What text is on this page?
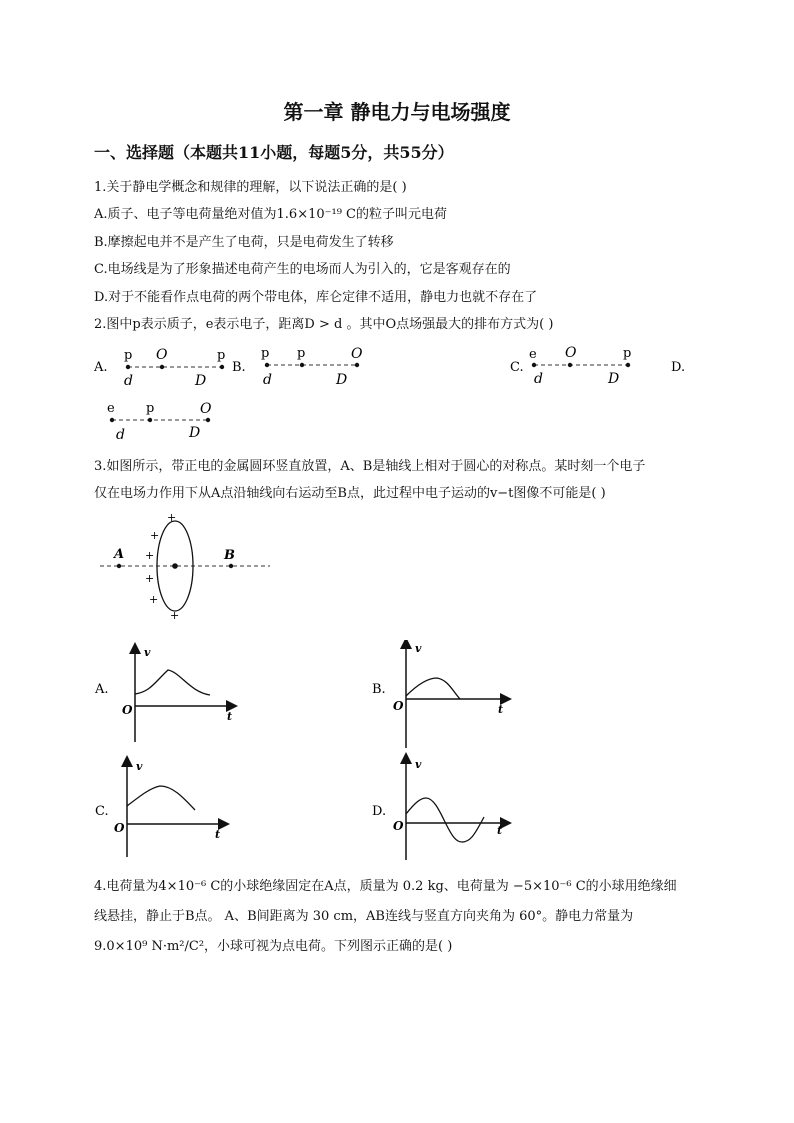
第一章 静电力与电场强度
一、选择题（本题共11小题，每题5分，共55分）
1.关于静电学概念和规律的理解，以下说法正确的是( )
A.质子、电子等电荷量绝对值为1.6×10⁻¹⁹ C的粒子叫元电荷
B.摩擦起电并不是产生了电荷，只是电荷发生了转移
C.电场线是为了形象描述电荷产生的电场而人为引入的，它是客观存在的
D.对于不能看作点电荷的两个带电体，库仑定律不适用，静电力也就不存在了
2.图中p表示质子，e表示电子，距离D > d 。其中O点场强最大的排布方式为( )
A.
p O	p
d	D
B.
p p	O
d	D
C.
e O	p
d	D
D.
e p	O
d	D
3.如图所示，带正电的金属圆环竖直放置，A、B是轴线上相对于圆心的对称点。某时刻一个电子
仅在电场力作用下从A点沿轴线向右运动至B点，此过程中电子运动的v−t图像不可能是( )
A	B
+
+
+
+
+
+
A.
v
t
O
B.
v
t
O
C.
v
t
O
D.
v
t
O
4.电荷量为4×10⁻⁶ C的小球绝缘固定在A点，质量为 0.2 kg、电荷量为 −5×10⁻⁶ C的小球用绝缘细
线悬挂，静止于B点。 A、B间距离为 30 cm，AB连线与竖直方向夹角为 60°。静电力常量为
9.0×10⁹ N·m²/C²，小球可视为点电荷。下列图示正确的是( )
